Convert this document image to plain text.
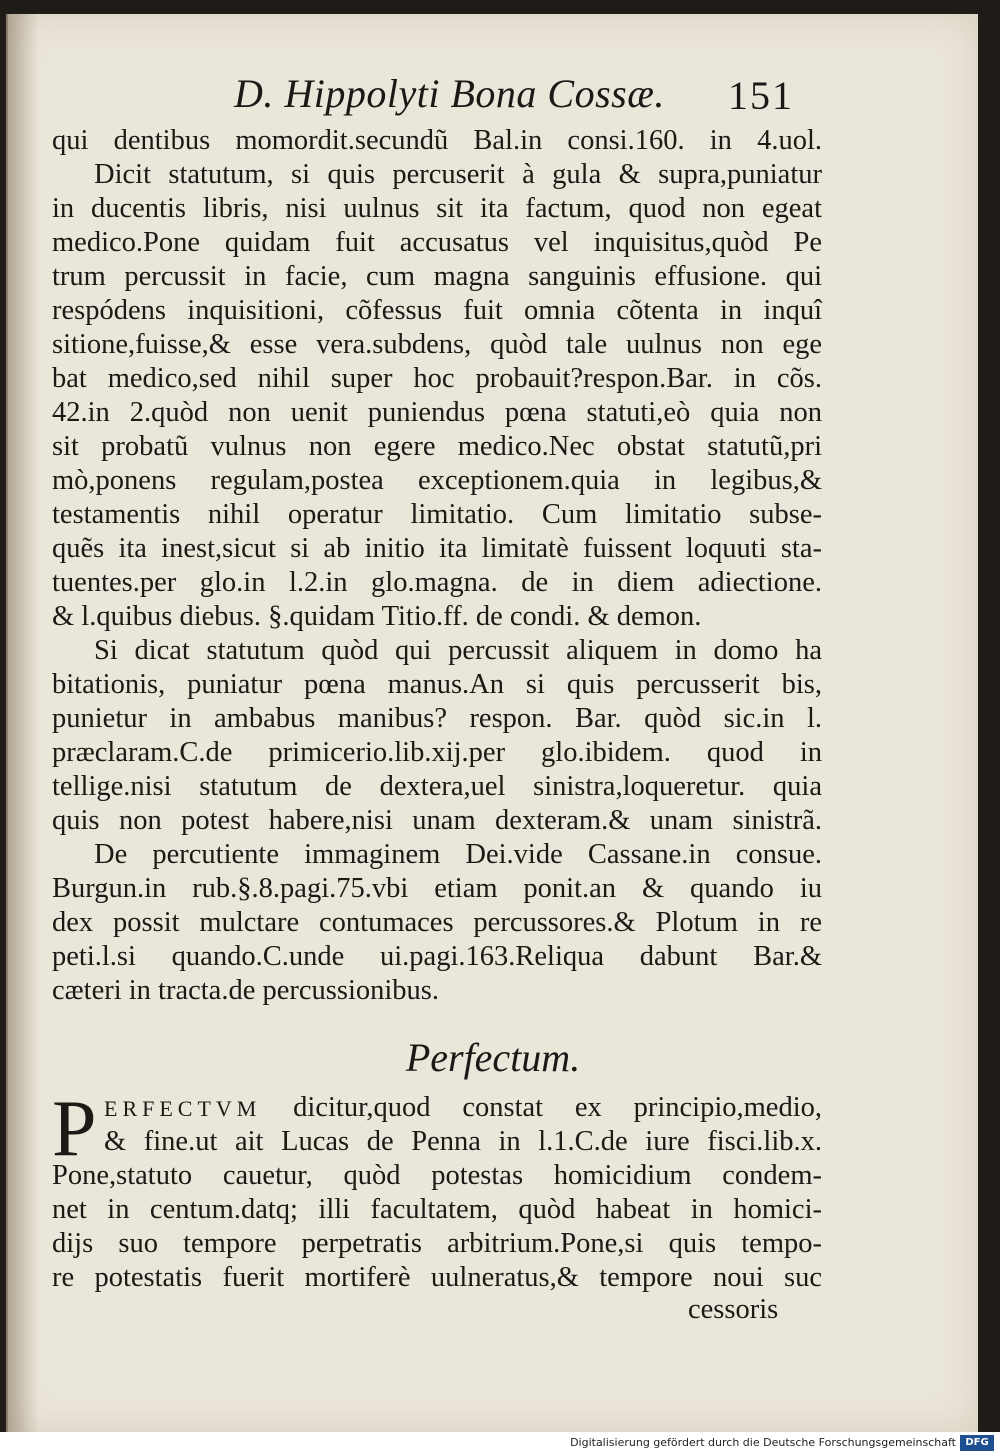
D. Hippolyti Bona Cossæ. 151
qui dentibus momordit.secundũ Bal.in consi.160. in 4.uol.
Dicit statutum, si quis percuserit à gula & supra,puniatur
in ducentis libris, nisi uulnus sit ita factum, quod non egeat
medico.Pone quidam fuit accusatus vel inquisitus,quòd Pe
trum percussit in facie, cum magna sanguinis effusione. qui
respódens inquisitioni, cõfessus fuit omnia cõtenta in inquî
sitione,fuisse,& esse vera.subdens, quòd tale uulnus non ege
bat medico,sed nihil super hoc probauit?respon.Bar. in cõs.
42.in 2.quòd non uenit puniendus pœna statuti,eò quia non
sit probatũ vulnus non egere medico.Nec obstat statutũ,pri
mò,ponens regulam,postea exceptionem.quia in legibus,&
testamentis nihil operatur limitatio. Cum limitatio subse-
quẽs ita inest,sicut si ab initio ita limitatè fuissent loquuti sta-
tuentes.per glo.in l.2.in glo.magna. de in diem adiectione.
& l.quibus diebus. §.quidam Titio.ff. de condi. & demon.
Si dicat statutum quòd qui percussit aliquem in domo ha
bitationis, puniatur pœna manus.An si quis percusserit bis,
punietur in ambabus manibus? respon. Bar. quòd sic.in l.
præclaram.C.de primicerio.lib.xij.per glo.ibidem. quod in
tellige.nisi statutum de dextera,uel sinistra,loqueretur. quia
quis non potest habere,nisi unam dexteram.& unam sinistrã.
De percutiente immaginem Dei.vide Cassane.in consue.
Burgun.in rub.§.8.pagi.75.vbi etiam ponit.an & quando iu
dex possit mulctare contumaces percussores.& Plotum in re
peti.l.si quando.C.unde ui.pagi.163.Reliqua dabunt Bar.&
cæteri in tracta.de percussionibus.
Perfectum.
P ERFECTVM dicitur,quod constat ex principio,medio,
& fine.ut ait Lucas de Penna in l.1.C.de iure fisci.lib.x.
Pone,statuto cauetur, quòd potestas homicidium condem-
net in centum.datq; illi facultatem, quòd habeat in homici-
dijs suo tempore perpetratis arbitrium.Pone,si quis tempo-
re potestatis fuerit mortiferè uulneratus,& tempore noui suc
cessoris
Digitalisierung gefördert durch die Deutsche Forschungsgemeinschaft DFG
